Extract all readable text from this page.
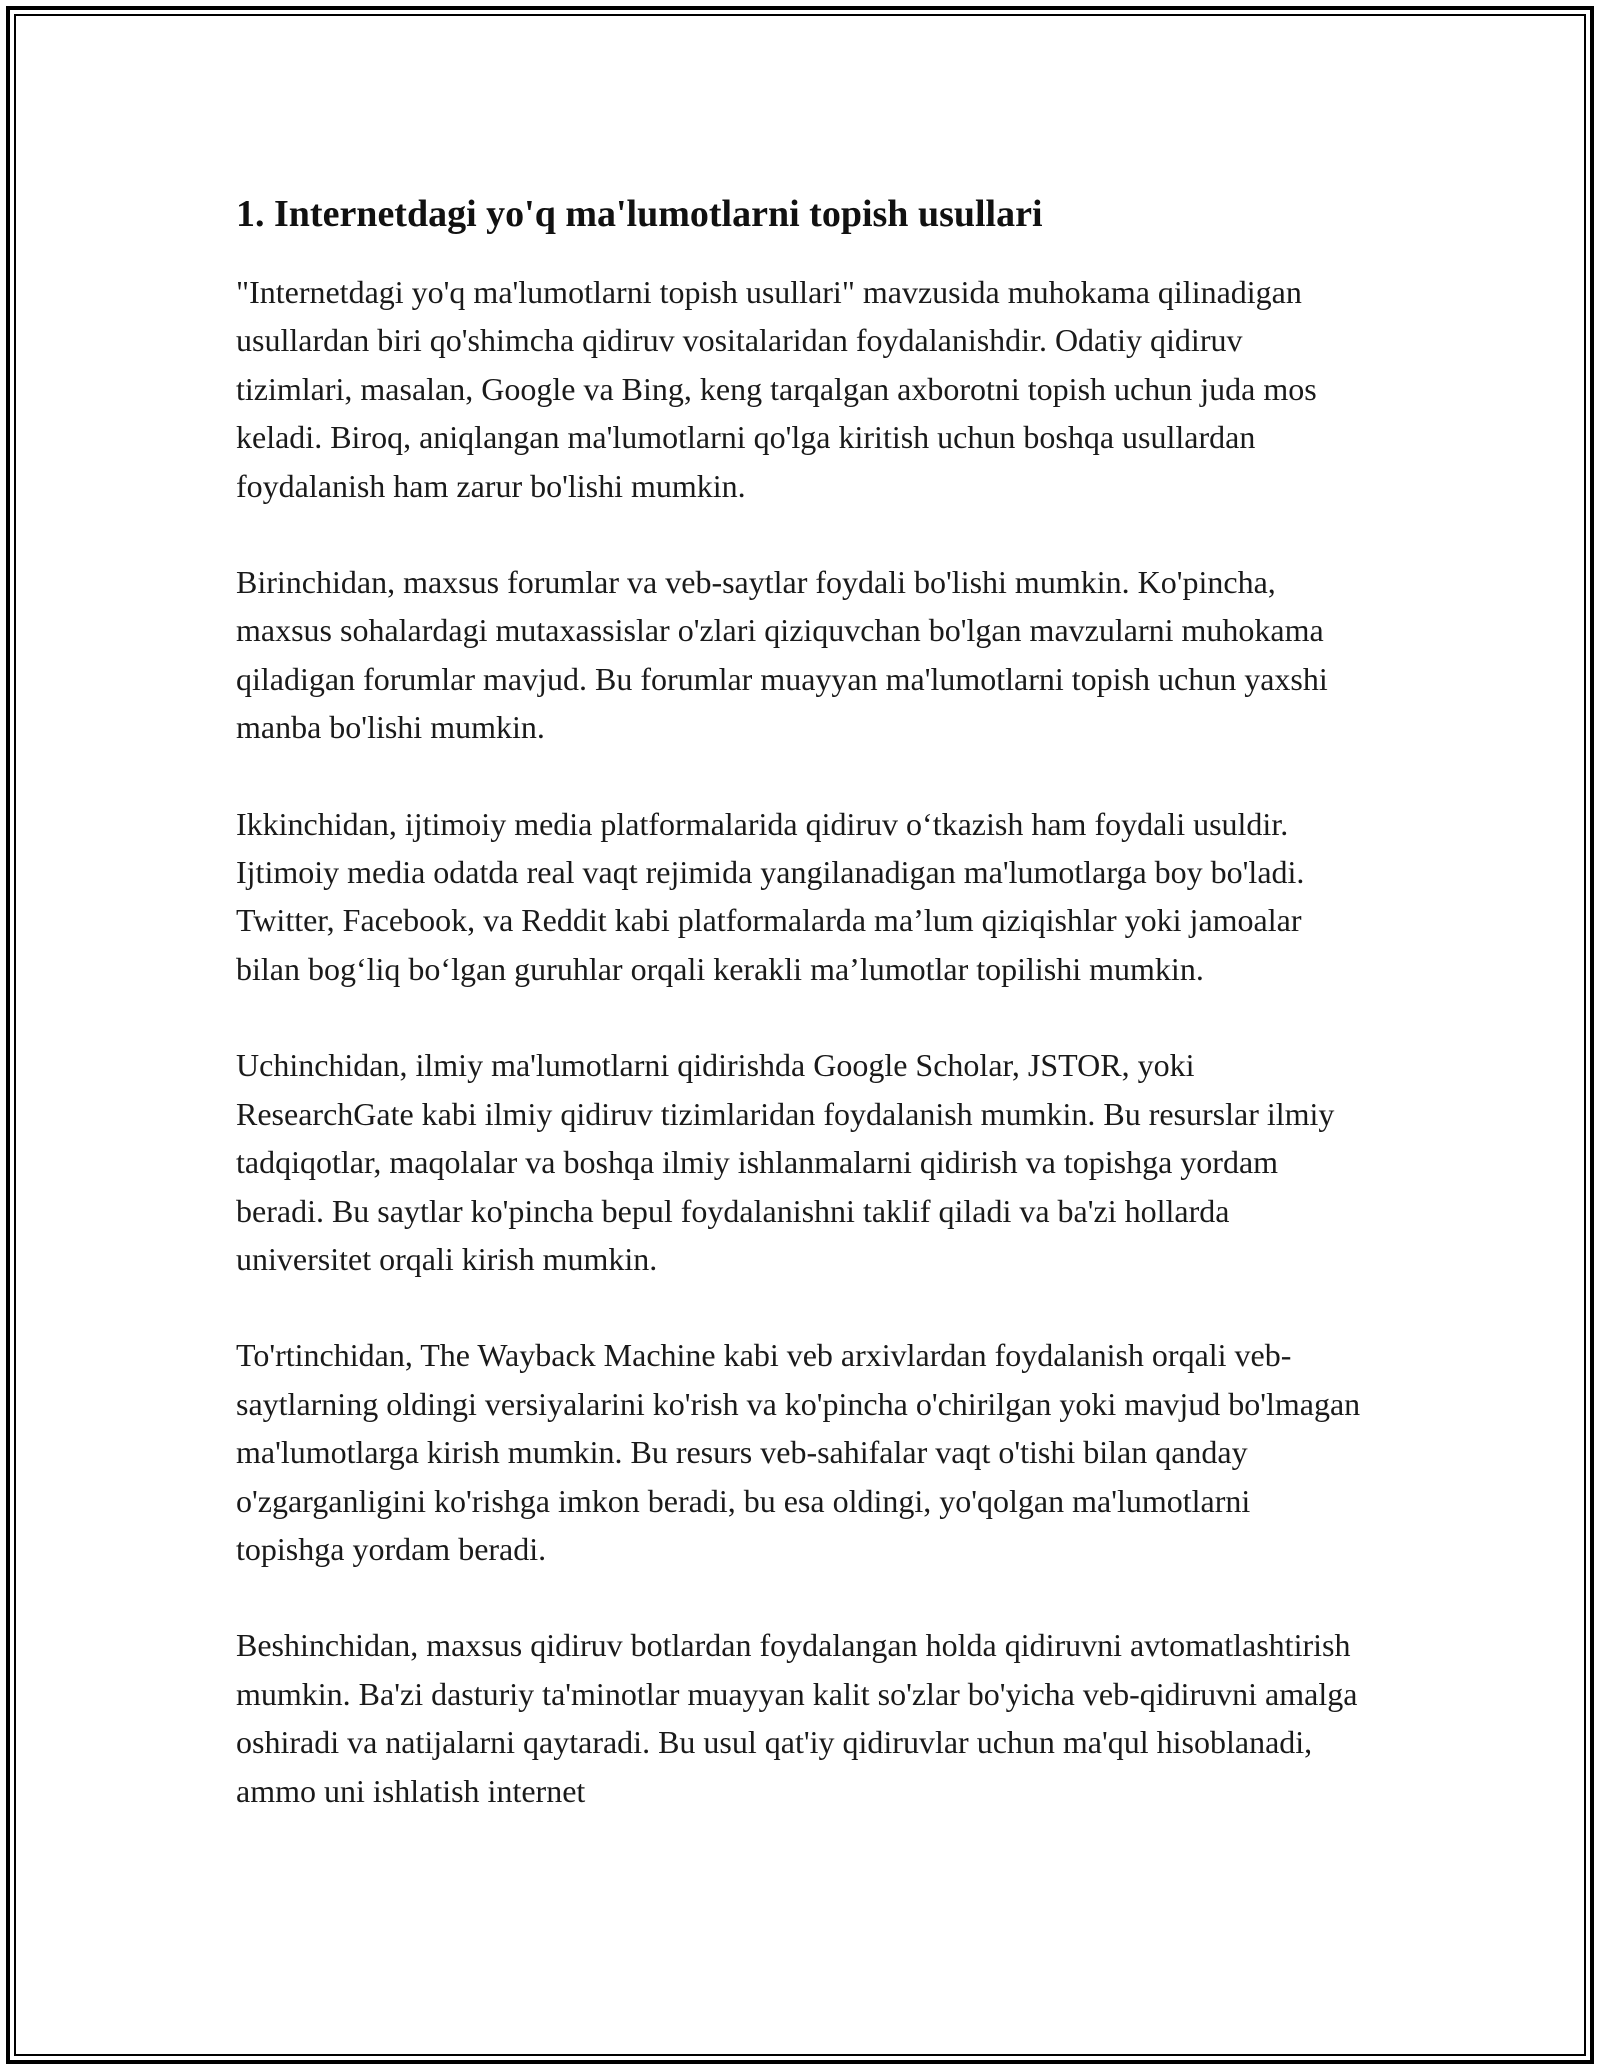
1. Internetdagi yo'q ma'lumotlarni topish usullari

"Internetdagi yo'q ma'lumotlarni topish usullari" mavzusida muhokama qilinadigan usullardan biri qo'shimcha qidiruv vositalaridan foydalanishdir. Odatiy qidiruv tizimlari, masalan, Google va Bing, keng tarqalgan axborotni topish uchun juda mos keladi. Biroq, aniqlangan ma'lumotlarni qo'lga kiritish uchun boshqa usullardan foydalanish ham zarur bo'lishi mumkin.

Birinchidan, maxsus forumlar va veb-saytlar foydali bo'lishi mumkin. Ko'pincha, maxsus sohalardagi mutaxassislar o'zlari qiziquvchan bo'lgan mavzularni muhokama qiladigan forumlar mavjud. Bu forumlar muayyan ma'lumotlarni topish uchun yaxshi manba bo'lishi mumkin.

Ikkinchidan, ijtimoiy media platformalarida qidiruv o‘tkazish ham foydali usuldir. Ijtimoiy media odatda real vaqt rejimida yangilanadigan ma'lumotlarga boy bo'ladi. Twitter, Facebook, va Reddit kabi platformalarda ma’lum qiziqishlar yoki jamoalar bilan bog‘liq bo‘lgan guruhlar orqali kerakli ma’lumotlar topilishi mumkin.

Uchinchidan, ilmiy ma'lumotlarni qidirishda Google Scholar, JSTOR, yoki ResearchGate kabi ilmiy qidiruv tizimlaridan foydalanish mumkin. Bu resurslar ilmiy tadqiqotlar, maqolalar va boshqa ilmiy ishlanmalarni qidirish va topishga yordam beradi. Bu saytlar ko'pincha bepul foydalanishni taklif qiladi va ba'zi hollarda universitet orqali kirish mumkin.

To'rtinchidan, The Wayback Machine kabi veb arxivlardan foydalanish orqali veb-saytlarning oldingi versiyalarini ko'rish va ko'pincha o'chirilgan yoki mavjud bo'lmagan ma'lumotlarga kirish mumkin. Bu resurs veb-sahifalar vaqt o'tishi bilan qanday o'zgarganligini ko'rishga imkon beradi, bu esa oldingi, yo'qolgan ma'lumotlarni topishga yordam beradi.

Beshinchidan, maxsus qidiruv botlardan foydalangan holda qidiruvni avtomatlashtirish mumkin. Ba'zi dasturiy ta'minotlar muayyan kalit so'zlar bo'yicha veb-qidiruvni amalga oshiradi va natijalarni qaytaradi. Bu usul qat'iy qidiruvlar uchun ma'qul hisoblanadi, ammo uni ishlatish internet
